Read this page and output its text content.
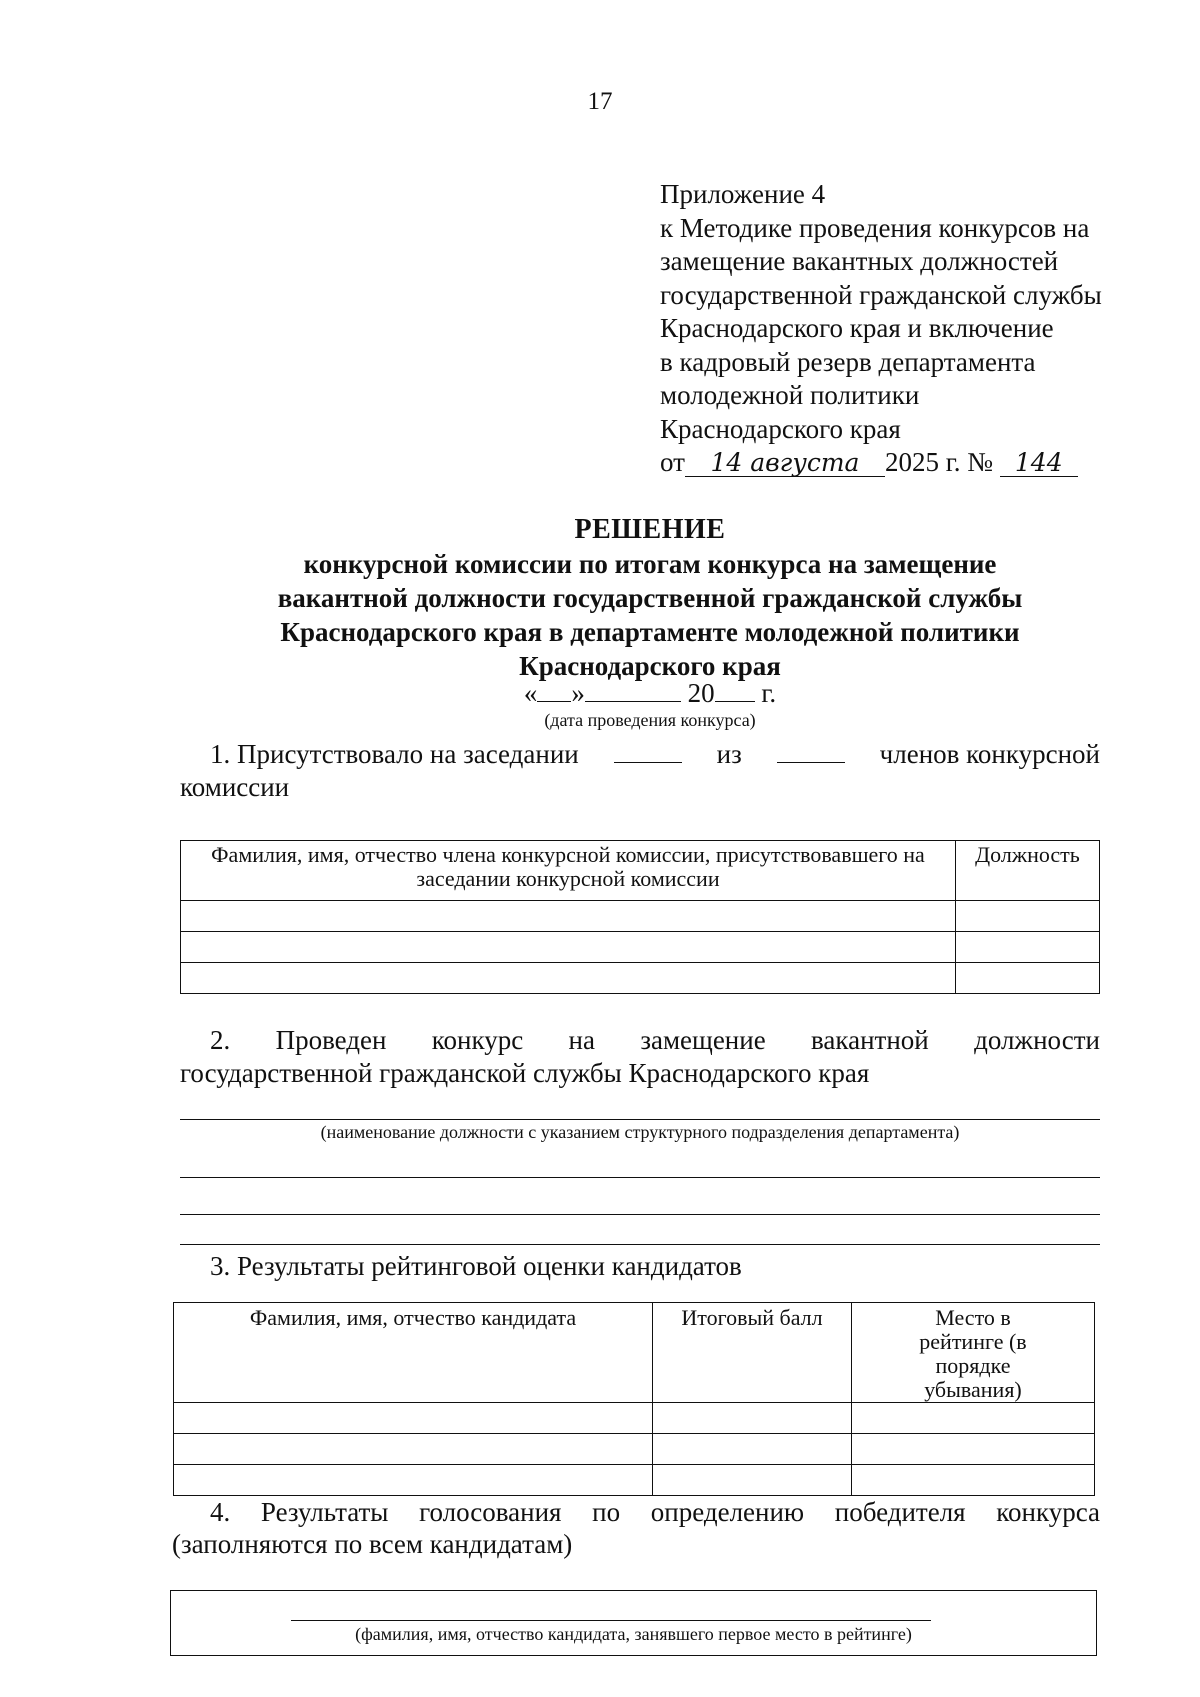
17
Приложение 4
к Методике проведения конкурсов на
замещение вакантных должностей
государственной гражданской службы
Краснодарского края и включение
в кадровый резерв департамента
молодежной политики
Краснодарского края
от 14 августа 2025 г. № 144
РЕШЕНИЕ
конкурсной комиссии по итогам конкурса на замещение
вакантной должности государственной гражданской службы
Краснодарского края в департаменте молодежной политики
Краснодарского края
« »	20 г.
(дата проведения конкурса)
1. Присутствовало на заседании	из	членов конкурсной
комиссии
Фамилия, имя, отчество члена конкурсной комиссии, присутствовавшего на заседании конкурсной комиссии	Должность

2. Проведен конкурс на замещение вакантной должности
государственной гражданской службы Краснодарского края
(наименование должности с указанием структурного подразделения департамента)
3. Результаты рейтинговой оценки кандидатов
Фамилия, имя, отчество кандидата	Итоговый балл	Место в рейтинге (в порядке убывания)

4. Результаты голосования по определению победителя конкурса
(заполняются по всем кандидатам)
(фамилия, имя, отчество кандидата, занявшего первое место в рейтинге)
